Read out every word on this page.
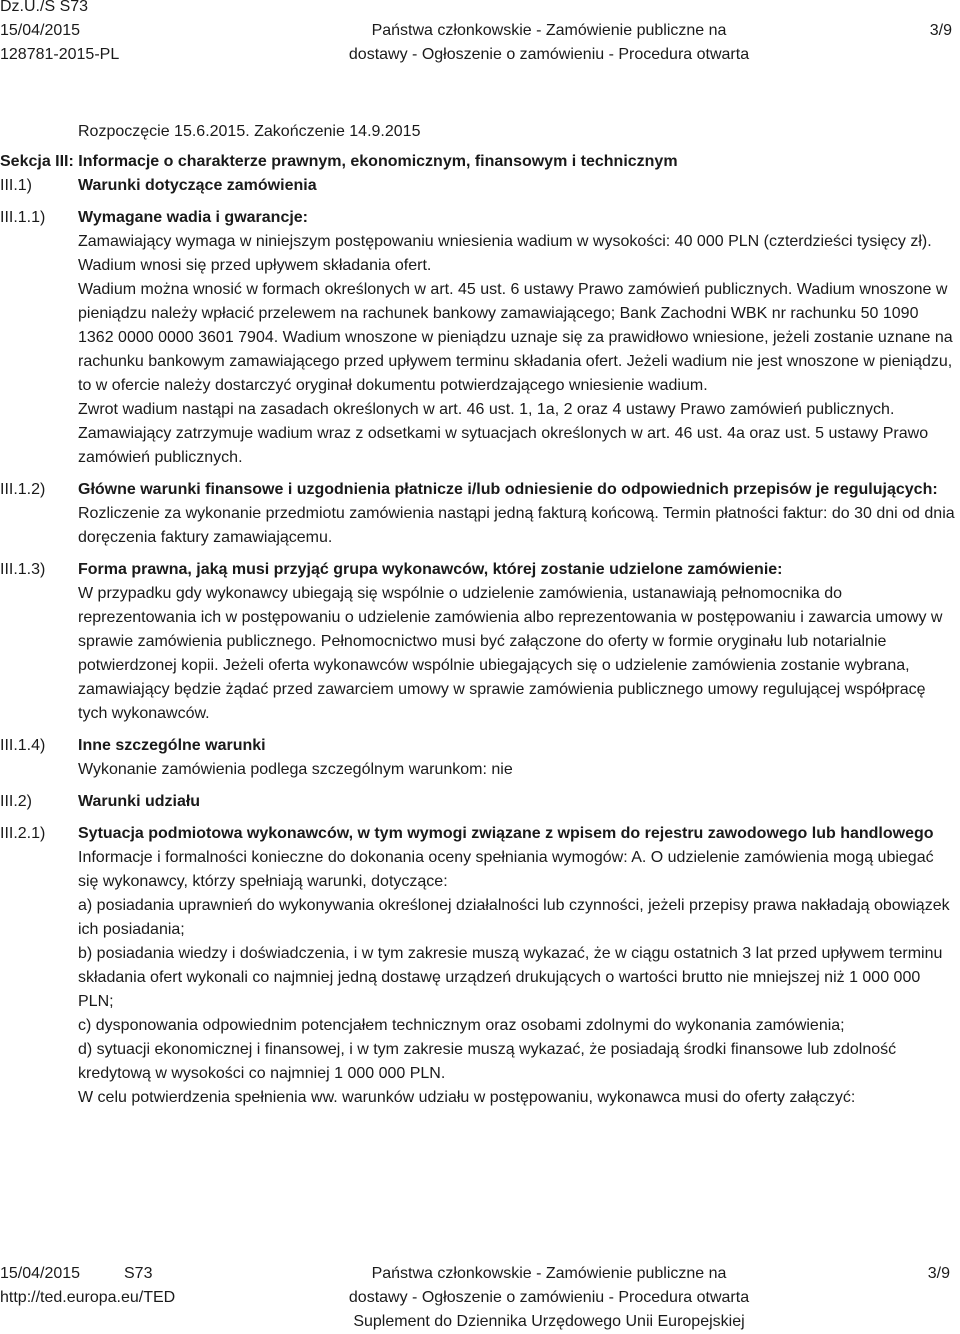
Dz.U./S S73
15/04/2015
128781-2015-PL
Państwa członkowskie - Zamówienie publiczne na
dostawy - Ogłoszenie o zamówieniu - Procedura otwarta
3/9
Rozpoczęcie 15.6.2015. Zakończenie 14.9.2015
Sekcja III: Informacje o charakterze prawnym, ekonomicznym, finansowym i technicznym
III.1)	Warunki dotyczące zamówienia
III.1.1)	Wymagane wadia i gwarancje:

Zamawiający wymaga w niniejszym postępowaniu wniesienia wadium w wysokości: 40 000 PLN (czterdzieści tysięcy zł).

Wadium wnosi się przed upływem składania ofert.

Wadium można wnosić w formach określonych w art. 45 ust. 6 ustawy Prawo zamówień publicznych. Wadium wnoszone w pieniądzu należy wpłacić przelewem na rachunek bankowy zamawiającego; Bank Zachodni WBK nr rachunku 50 1090 1362 0000 0000 3601 7904. Wadium wnoszone w pieniądzu uznaje się za prawidłowo wniesione, jeżeli zostanie uznane na rachunku bankowym zamawiającego przed upływem terminu składania ofert. Jeżeli wadium nie jest wnoszone w pieniądzu, to w ofercie należy dostarczyć oryginał dokumentu potwierdzającego wniesienie wadium.

Zwrot wadium nastąpi na zasadach określonych w art. 46 ust. 1, 1a, 2 oraz 4 ustawy Prawo zamówień publicznych. Zamawiający zatrzymuje wadium wraz z odsetkami w sytuacjach określonych w art. 46 ust. 4a oraz ust. 5 ustawy Prawo zamówień publicznych.

III.1.2)	Główne warunki finansowe i uzgodnienia płatnicze i/lub odniesienie do odpowiednich przepisów je regulujących:

Rozliczenie za wykonanie przedmiotu zamówienia nastąpi jedną fakturą końcową. Termin płatności faktur: do 30 dni od dnia doręczenia faktury zamawiającemu.

III.1.3)	Forma prawna, jaką musi przyjąć grupa wykonawców, której zostanie udzielone zamówienie:

W przypadku gdy wykonawcy ubiegają się wspólnie o udzielenie zamówienia, ustanawiają pełnomocnika do reprezentowania ich w postępowaniu o udzielenie zamówienia albo reprezentowania w postępowaniu i zawarcia umowy w sprawie zamówienia publicznego. Pełnomocnictwo musi być załączone do oferty w formie oryginału lub notarialnie potwierdzonej kopii. Jeżeli oferta wykonawców wspólnie ubiegających się o udzielenie zamówienia zostanie wybrana, zamawiający będzie żądać przed zawarciem umowy w sprawie zamówienia publicznego umowy regulującej współpracę tych wykonawców.

III.1.4)	Inne szczególne warunki

Wykonanie zamówienia podlega szczególnym warunkom: nie

III.2)	Warunki udziału
III.2.1)	Sytuacja podmiotowa wykonawców, w tym wymogi związane z wpisem do rejestru zawodowego lub handlowego

Informacje i formalności konieczne do dokonania oceny spełniania wymogów: A. O udzielenie zamówienia mogą ubiegać się wykonawcy, którzy spełniają warunki, dotyczące:

a) posiadania uprawnień do wykonywania określonej działalności lub czynności, jeżeli przepisy prawa nakładają obowiązek ich posiadania;

b) posiadania wiedzy i doświadczenia, i w tym zakresie muszą wykazać, że w ciągu ostatnich 3 lat przed upływem terminu składania ofert wykonali co najmniej jedną dostawę urządzeń drukujących o wartości brutto nie mniejszej niż 1 000 000 PLN;

c) dysponowania odpowiednim potencjałem technicznym oraz osobami zdolnymi do wykonania zamówienia;

d) sytuacji ekonomicznej i finansowej, i w tym zakresie muszą wykazać, że posiadają środki finansowe lub zdolność kredytową w wysokości co najmniej 1 000 000 PLN.

W celu potwierdzenia spełnienia ww. warunków udziału w postępowaniu, wykonawca musi do oferty załączyć:

15/04/2015	S73
http://ted.europa.eu/TED
Państwa członkowskie - Zamówienie publiczne na
dostawy - Ogłoszenie o zamówieniu - Procedura otwarta
Suplement do Dziennika Urzędowego Unii Europejskiej
3/9
